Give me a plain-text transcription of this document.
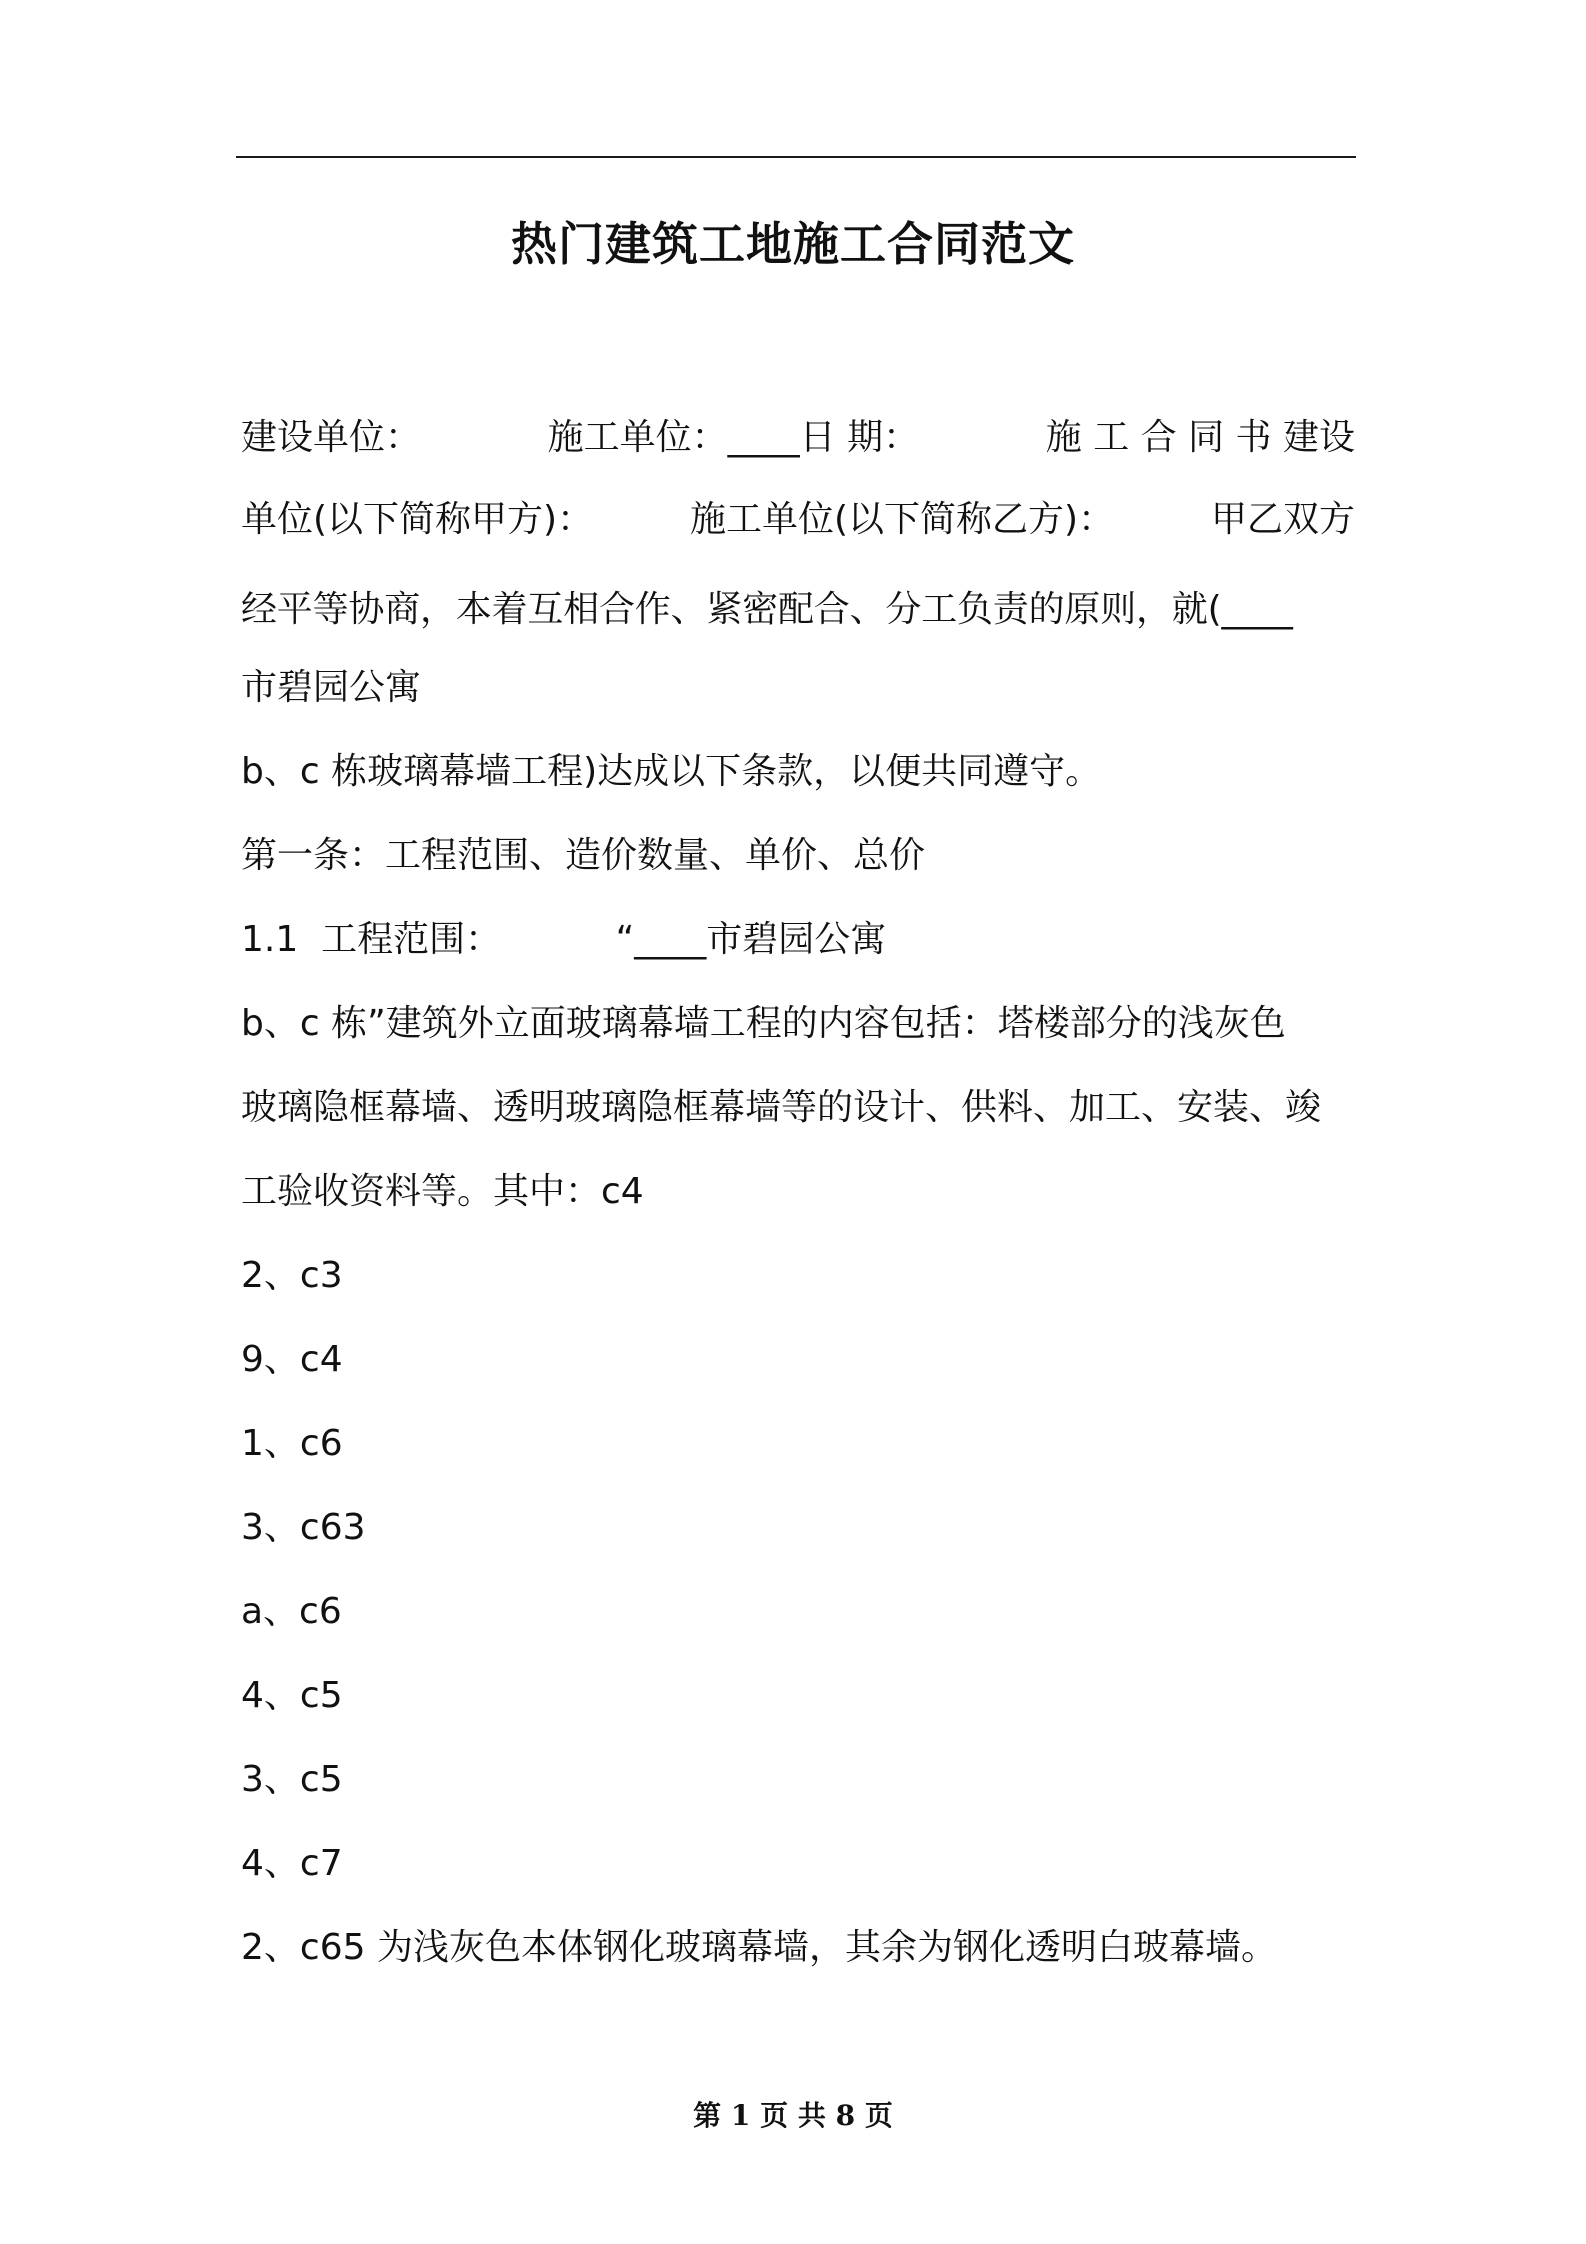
热门建筑工地施工合同范文
建设单位：	施工单位：____日 期：	施 工 合 同 书 建设
单位(以下简称甲方)：	施工单位(以下简称乙方)：	甲乙双方
经平等协商，本着互相合作、紧密配合、分工负责的原则，就(____
市碧园公寓
b、c 栋玻璃幕墙工程)达成以下条款，以便共同遵守。
第一条：工程范围、造价数量、单价、总价
1.1  工程范围：          “____市碧园公寓
b、c 栋”建筑外立面玻璃幕墙工程的内容包括：塔楼部分的浅灰色
玻璃隐框幕墙、透明玻璃隐框幕墙等的设计、供料、加工、安装、竣
工验收资料等。其中：c4
2、c3
9、c4
1、c6
3、c63
a、c6
4、c5
3、c5
4、c7
2、c65 为浅灰色本体钢化玻璃幕墙，其余为钢化透明白玻幕墙。
第 1 页 共 8 页
